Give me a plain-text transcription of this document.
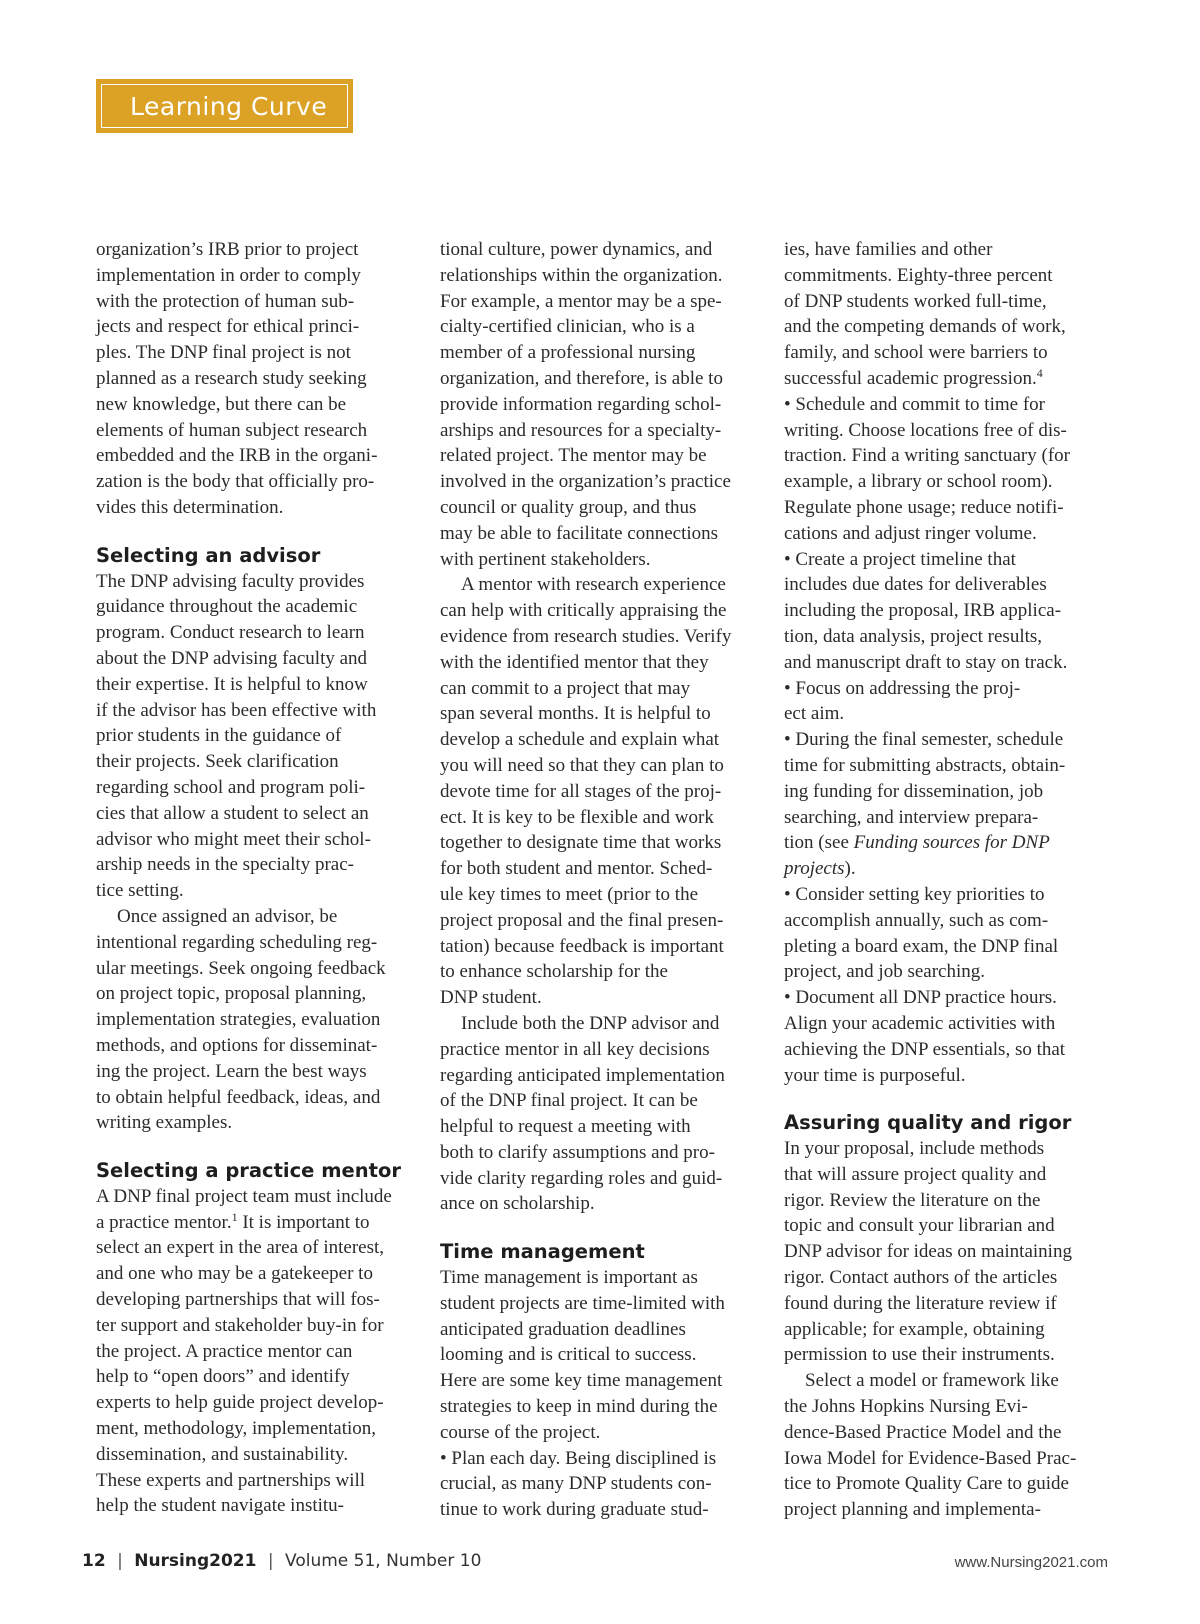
Learning Curve
organization’s IRB prior to project
implementation in order to comply
with the protection of human sub-
jects and respect for ethical princi-
ples. The DNP final project is not
planned as a research study seeking
new knowledge, but there can be
elements of human subject research
embedded and the IRB in the organi-
zation is the body that officially pro-
vides this determination.
Selecting an advisor
The DNP advising faculty provides
guidance throughout the academic
program. Conduct research to learn
about the DNP advising faculty and
their expertise. It is helpful to know
if the advisor has been effective with
prior students in the guidance of
their projects. Seek clarification
regarding school and program poli-
cies that allow a student to select an
advisor who might meet their schol-
arship needs in the specialty prac-
tice setting.
Once assigned an advisor, be
intentional regarding scheduling reg-
ular meetings. Seek ongoing feedback
on project topic, proposal planning,
implementation strategies, evaluation
methods, and options for disseminat-
ing the project. Learn the best ways
to obtain helpful feedback, ideas, and
writing examples.
Selecting a practice mentor
A DNP final project team must include
a practice mentor.$^1$ It is important to
select an expert in the area of interest,
and one who may be a gatekeeper to
developing partnerships that will fos-
ter support and stakeholder buy-in for
the project. A practice mentor can
help to “open doors” and identify
experts to help guide project develop-
ment, methodology, implementation,
dissemination, and sustainability.
These experts and partnerships will
help the student navigate institu-
tional culture, power dynamics, and
relationships within the organization.
For example, a mentor may be a spe-
cialty-certified clinician, who is a
member of a professional nursing
organization, and therefore, is able to
provide information regarding schol-
arships and resources for a specialty-
related project. The mentor may be
involved in the organization’s practice
council or quality group, and thus
may be able to facilitate connections
with pertinent stakeholders.
A mentor with research experience
can help with critically appraising the
evidence from research studies. Verify
with the identified mentor that they
can commit to a project that may
span several months. It is helpful to
develop a schedule and explain what
you will need so that they can plan to
devote time for all stages of the proj-
ect. It is key to be flexible and work
together to designate time that works
for both student and mentor. Sched-
ule key times to meet (prior to the
project proposal and the final presen-
tation) because feedback is important
to enhance scholarship for the
DNP student.
Include both the DNP advisor and
practice mentor in all key decisions
regarding anticipated implementation
of the DNP final project. It can be
helpful to request a meeting with
both to clarify assumptions and pro-
vide clarity regarding roles and guid-
ance on scholarship.
Time management
Time management is important as
student projects are time-limited with
anticipated graduation deadlines
looming and is critical to success.
Here are some key time management
strategies to keep in mind during the
course of the project.
• Plan each day. Being disciplined is
crucial, as many DNP students con-
tinue to work during graduate stud-
ies, have families and other
commitments. Eighty-three percent
of DNP students worked full-time,
and the competing demands of work,
family, and school were barriers to
successful academic progression.$^4$
• Schedule and commit to time for
writing. Choose locations free of dis-
traction. Find a writing sanctuary (for
example, a library or school room).
Regulate phone usage; reduce notifi-
cations and adjust ringer volume.
• Create a project timeline that
includes due dates for deliverables
including the proposal, IRB applica-
tion, data analysis, project results,
and manuscript draft to stay on track.
• Focus on addressing the proj-
ect aim.
• During the final semester, schedule
time for submitting abstracts, obtain-
ing funding for dissemination, job
searching, and interview prepara-
tion (see Funding sources for DNP
projects).
• Consider setting key priorities to
accomplish annually, such as com-
pleting a board exam, the DNP final
project, and job searching.
• Document all DNP practice hours.
Align your academic activities with
achieving the DNP essentials, so that
your time is purposeful.
Assuring quality and rigor
In your proposal, include methods
that will assure project quality and
rigor. Review the literature on the
topic and consult your librarian and
DNP advisor for ideas on maintaining
rigor. Contact authors of the articles
found during the literature review if
applicable; for example, obtaining
permission to use their instruments.
Select a model or framework like
the Johns Hopkins Nursing Evi-
dence-Based Practice Model and the
Iowa Model for Evidence-Based Prac-
tice to Promote Quality Care to guide
project planning and implementa-
12 | Nursing2021 | Volume 51, Number 10	www.Nursing2021.com
